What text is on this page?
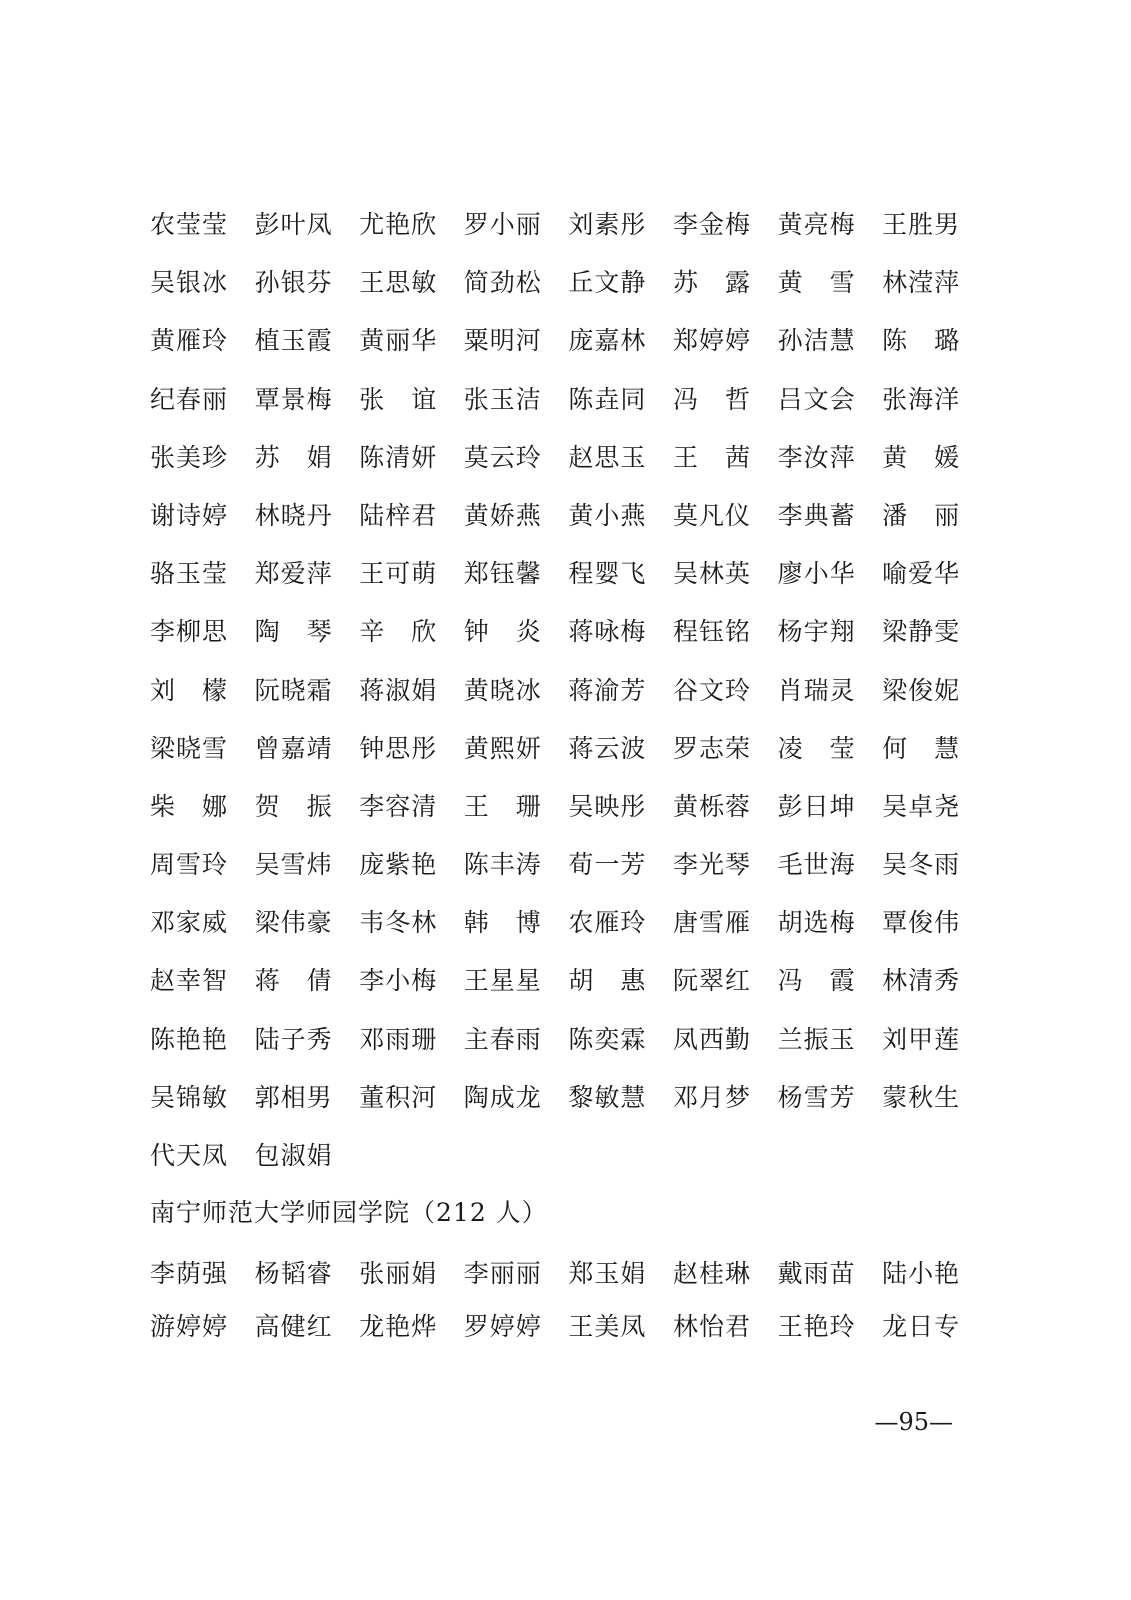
农莹莹	彭叶凤	尤艳欣	罗小丽	刘素彤	李金梅	黄亮梅	王胜男
吴银冰	孙银芬	王思敏	简劲松	丘文静	苏　露	黄　雪	林滢萍
黄雁玲	植玉霞	黄丽华	粟明河	庞嘉林	郑婷婷	孙洁慧	陈　璐
纪春丽	覃景梅	张　谊	张玉洁	陈垚同	冯　哲	吕文会	张海洋
张美珍	苏　娟	陈清妍	莫云玲	赵思玉	王　茜	李汝萍	黄　媛
谢诗婷	林晓丹	陆梓君	黄娇燕	黄小燕	莫凡仪	李典蓄	潘　丽
骆玉莹	郑爱萍	王可萌	郑钰馨	程婴飞	吴林英	廖小华	喻爱华
李柳思	陶　琴	辛　欣	钟　炎	蒋咏梅	程钰铭	杨宇翔	梁静雯
刘　檬	阮晓霜	蒋淑娟	黄晓冰	蒋渝芳	谷文玲	肖瑞灵	梁俊妮
梁晓雪	曾嘉靖	钟思彤	黄熙妍	蒋云波	罗志荣	凌　莹	何　慧
柴　娜	贺　振	李容清	王　珊	吴映彤	黄栎蓉	彭日坤	吴卓尧
周雪玲	吴雪炜	庞紫艳	陈丰涛	荀一芳	李光琴	毛世海	吴冬雨
邓家威	梁伟豪	韦冬林	韩　博	农雁玲	唐雪雁	胡选梅	覃俊伟
赵幸智	蒋　倩	李小梅	王星星	胡　惠	阮翠红	冯　霞	林清秀
陈艳艳	陆子秀	邓雨珊	主春雨	陈奕霖	凤西勤	兰振玉	刘甲莲
吴锦敏	郭相男	董积河	陶成龙	黎敏慧	邓月梦	杨雪芳	蒙秋生
代天凤	包淑娟
南宁师范大学师园学院（212 人）
李荫强	杨韬睿	张丽娟	李丽丽	郑玉娟	赵桂琳	戴雨苗	陆小艳
游婷婷	高健红	龙艳烨	罗婷婷	王美凤	林怡君	王艳玲	龙日专
—95—
